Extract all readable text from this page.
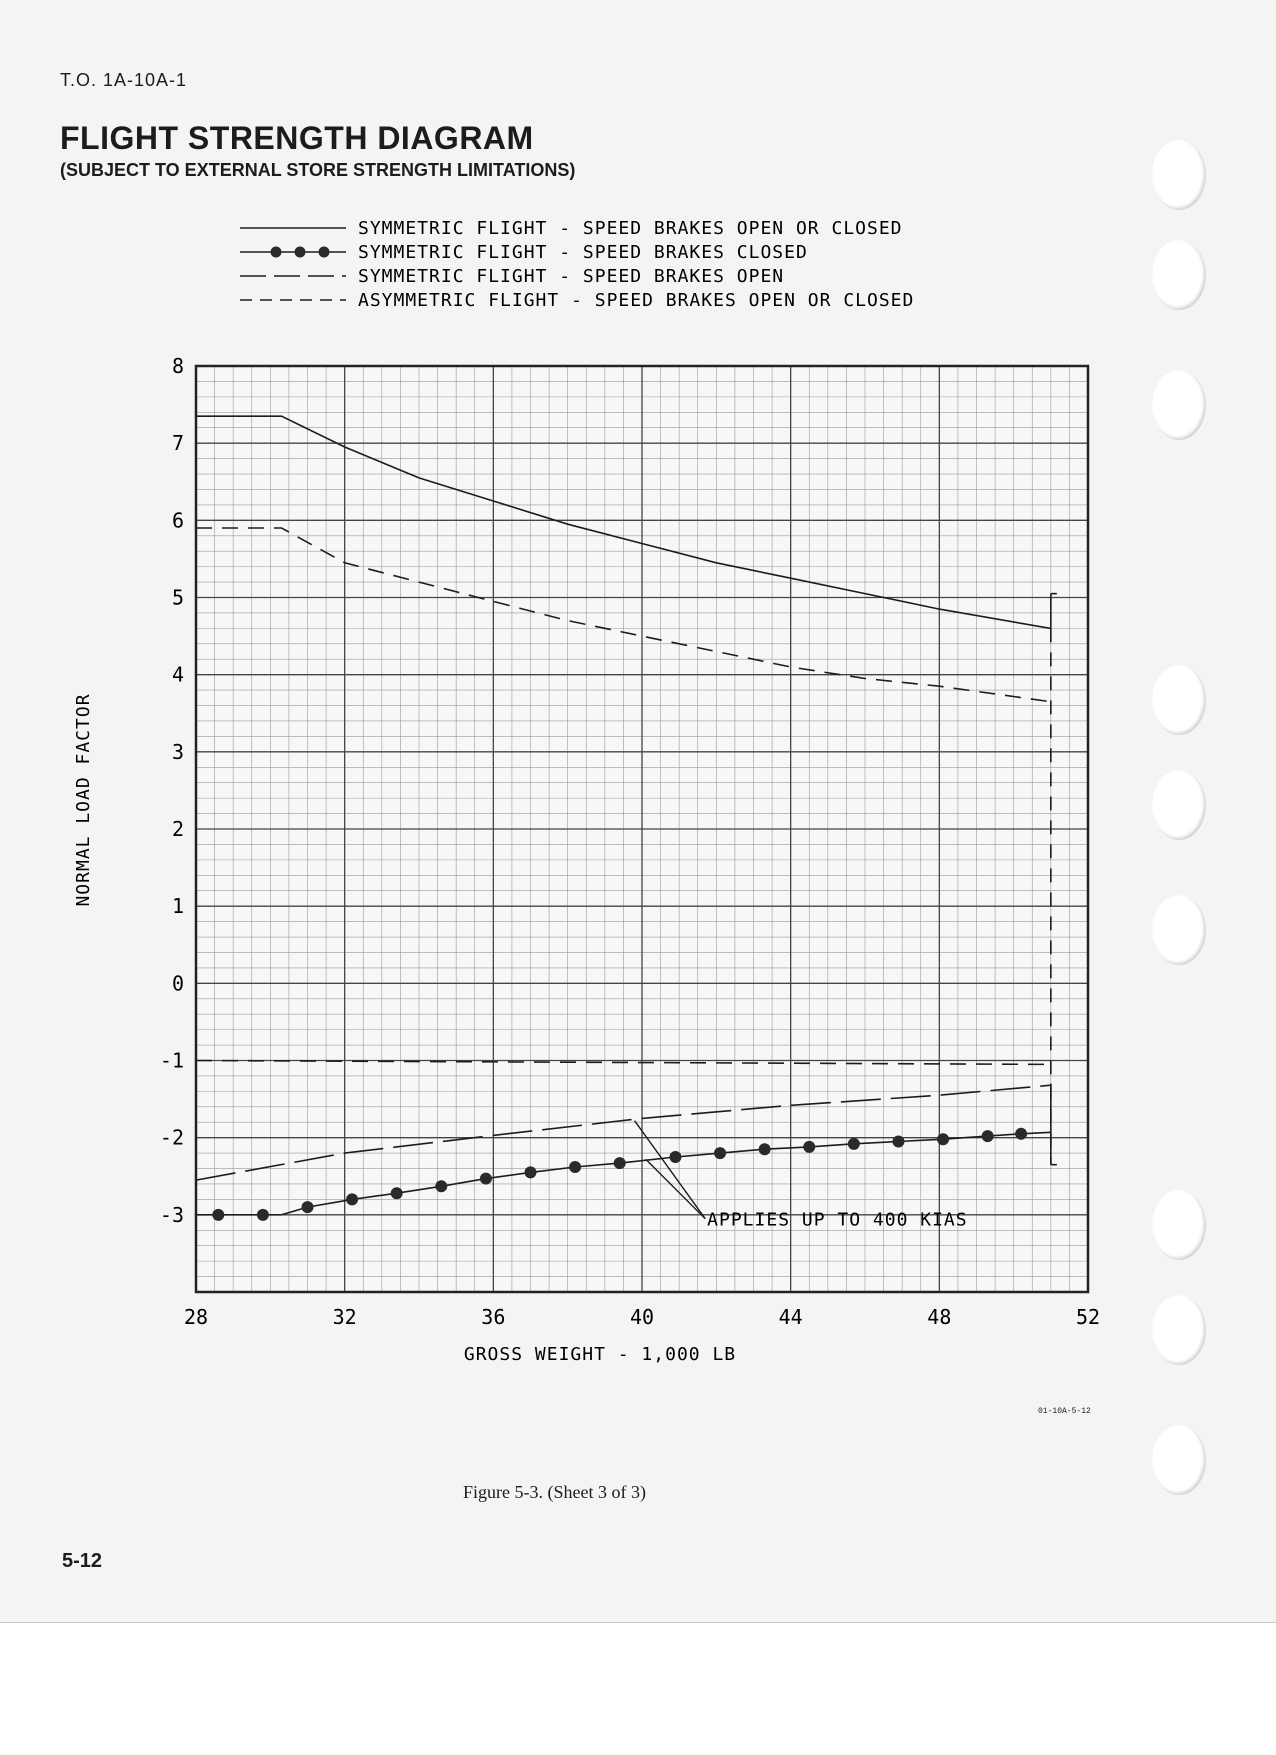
T.O. 1A-10A-1
FLIGHT STRENGTH DIAGRAM
(SUBJECT TO EXTERNAL STORE STRENGTH LIMITATIONS)
28	32	36	40	44	48	52
8
7
6
5
4
3
2
1
0
-1
-2
-3
SYMMETRIC FLIGHT - SPEED BRAKES OPEN OR CLOSED
SYMMETRIC FLIGHT - SPEED BRAKES CLOSED
SYMMETRIC FLIGHT - SPEED BRAKES OPEN
ASYMMETRIC FLIGHT - SPEED BRAKES OPEN OR CLOSED
GROSS WEIGHT - 1,000 LB
NORMAL LOAD FACTOR
APPLIES UP TO 400 KIAS
01-10A-5-12
Figure 5-3. (Sheet 3 of 3)
5-12
